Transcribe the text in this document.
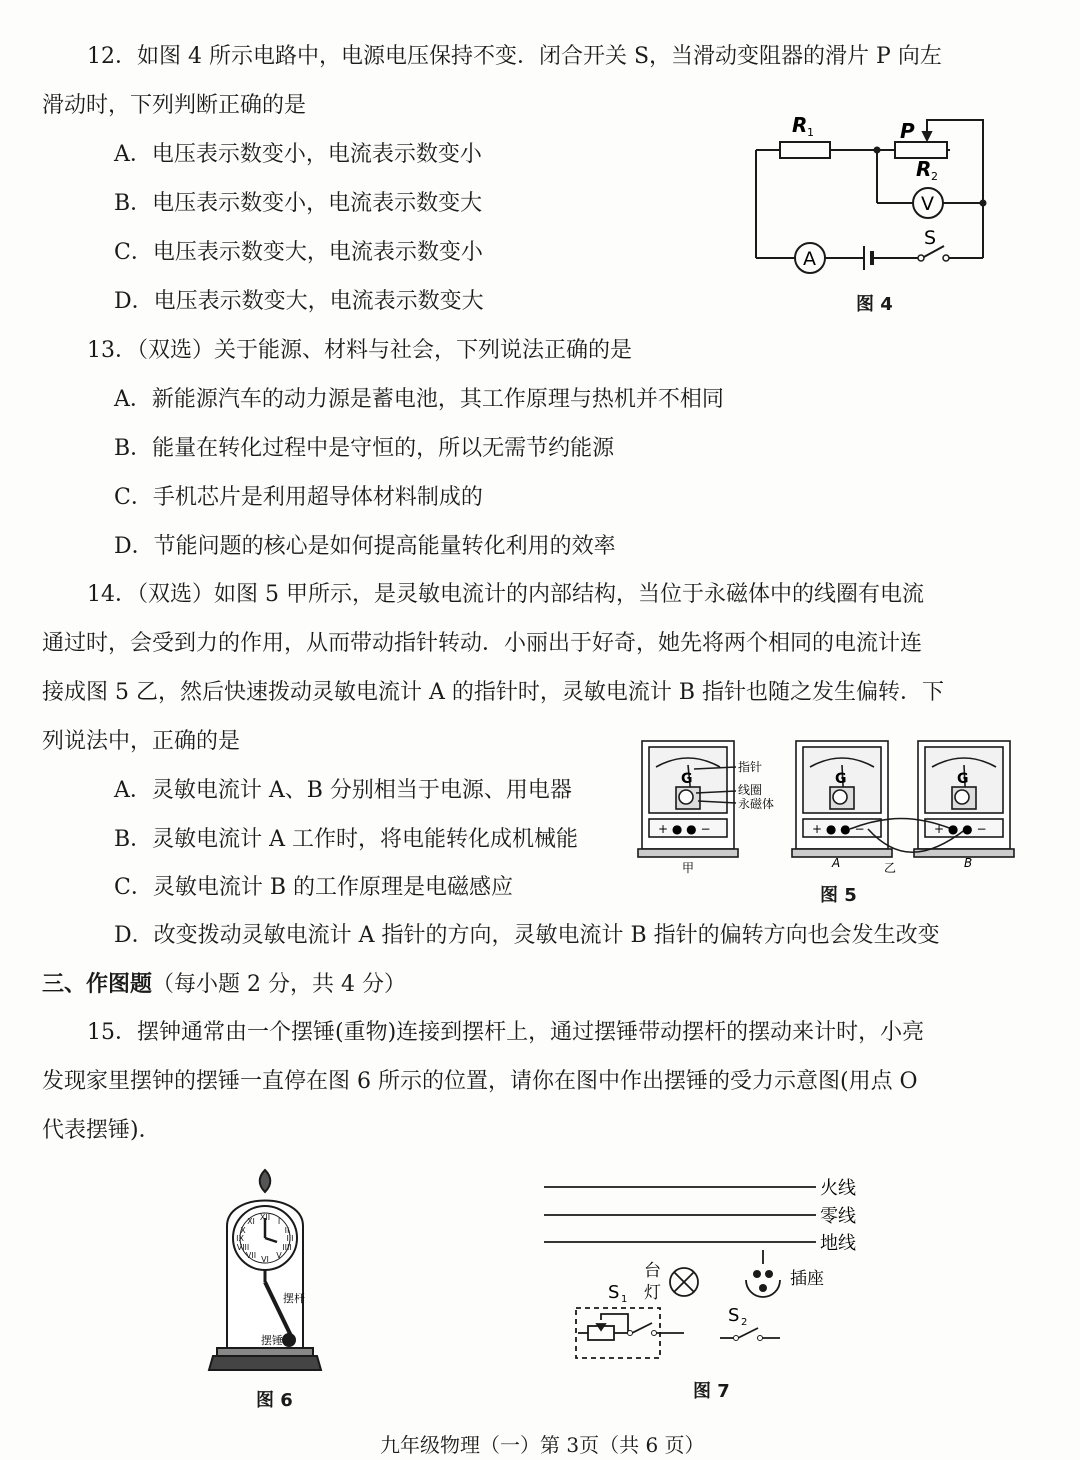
12．如图 4 所示电路中，电源电压保持不变．闭合开关 S，当滑动变阻器的滑片 P 向左
滑动时，下列判断正确的是
A．电压表示数变小，电流表示数变小
B．电压表示数变小，电流表示数变大
C．电压表示数变大，电流表示数变小
D．电压表示数变大，电流表示数变大
R 1	P
R 2
V
A
S
图 4
13．（双选）关于能源、材料与社会，下列说法正确的是
A．新能源汽车的动力源是蓄电池，其工作原理与热机并不相同
B．能量在转化过程中是守恒的，所以无需节约能源
C．手机芯片是利用超导体材料制成的
D．节能问题的核心是如何提高能量转化利用的效率
14．（双选）如图 5 甲所示，是灵敏电流计的内部结构，当位于永磁体中的线圈有电流
通过时，会受到力的作用，从而带动指针转动．小丽出于好奇，她先将两个相同的电流计连
接成图 5 乙，然后快速拨动灵敏电流计 A 的指针时，灵敏电流计 B 指针也随之发生偏转．下
列说法中，正确的是
A．灵敏电流计 A、B 分别相当于电源、用电器
B．灵敏电流计 A 工作时，将电能转化成机械能
C．灵敏电流计 B 的工作原理是电磁感应
D．改变拨动灵敏电流计 A 指针的方向，灵敏电流计 B 指针的偏转方向也会发生改变
G	G	G
+ ● ● −	+ ● ● −	+ ● ● −
指针
线圈
永磁体
甲	A	乙	B
图 5
三、作图题（每小题 2 分，共 4 分）
15．摆钟通常由一个摆锤(重物)连接到摆杆上，通过摆锤带动摆杆的摆动来计时，小亮
发现家里摆钟的摆锤一直停在图 6 所示的位置，请你在图中作出摆锤的受力示意图(用点 O
代表摆锤)．
XII I
II
III
IIII
V
VI
VII
VIII
IX
X
XI
摆杆
摆锤
图 6
火线
零线
地线
台
灯
插座
S 1
S 2
图 7
九年级物理（一）第 3页（共 6 页）
